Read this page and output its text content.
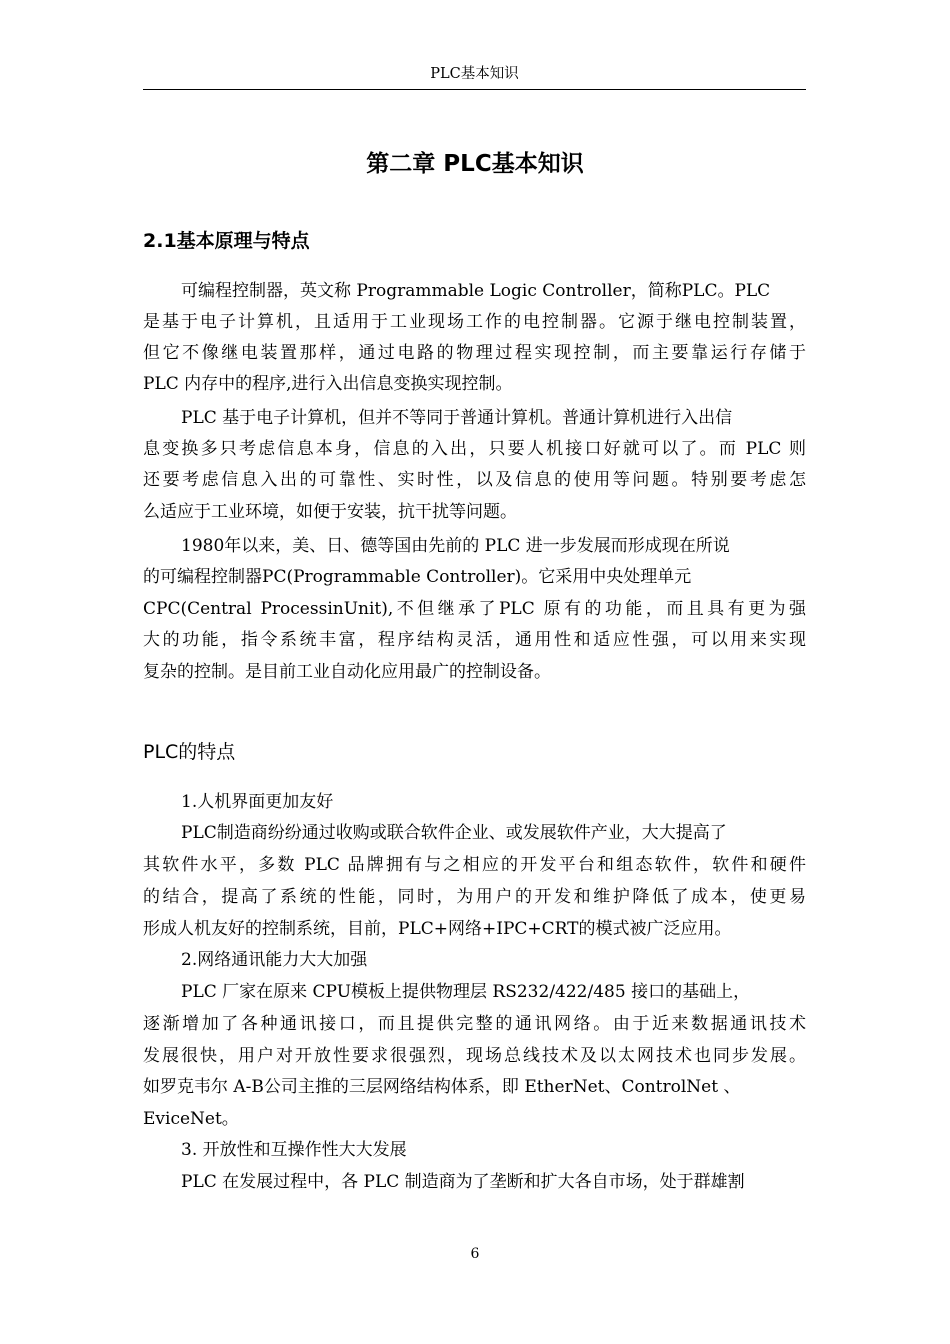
PLC基本知识
第二章 PLC基本知识
2.1基本原理与特点
可编程控制器，英文称 Programmable Logic Controller，简称PLC。PLC
是基于电子计算机，且适用于工业现场工作的电控制器。它源于继电控制装置，
但它不像继电装置那样，通过电路的物理过程实现控制，而主要靠运行存储于
PLC 内存中的程序,进行入出信息变换实现控制。
PLC 基于电子计算机，但并不等同于普通计算机。普通计算机进行入出信
息变换多只考虑信息本身，信息的入出，只要人机接口好就可以了。而 PLC 则
还要考虑信息入出的可靠性、实时性，以及信息的使用等问题。特别要考虑怎
么适应于工业环境，如便于安装，抗干扰等问题。
1980年以来，美、日、德等国由先前的 PLC 进一步发展而形成现在所说
的可编程控制器PC(Programmable Controller)。它采用中央处理单元
CPC(Central ProcessinUnit),不但继承了PLC 原有的功能，而且具有更为强
大的功能，指令系统丰富，程序结构灵活，通用性和适应性强，可以用来实现
复杂的控制。是目前工业自动化应用最广的控制设备。
PLC的特点
1.人机界面更加友好
PLC制造商纷纷通过收购或联合软件企业、或发展软件产业，大大提高了
其软件水平，多数 PLC 品牌拥有与之相应的开发平台和组态软件，软件和硬件
的结合，提高了系统的性能，同时，为用户的开发和维护降低了成本，使更易
形成人机友好的控制系统，目前，PLC+网络+IPC+CRT的模式被广泛应用。
2.网络通讯能力大大加强
PLC 厂家在原来 CPU模板上提供物理层 RS232/422/485 接口的基础上，
逐渐增加了各种通讯接口，而且提供完整的通讯网络。由于近来数据通讯技术
发展很快，用户对开放性要求很强烈，现场总线技术及以太网技术也同步发展。
如罗克韦尔 A-B公司主推的三层网络结构体系，即 EtherNet、ControlNet 、
EviceNet。
3. 开放性和互操作性大大发展
PLC 在发展过程中，各 PLC 制造商为了垄断和扩大各自市场，处于群雄割
6
